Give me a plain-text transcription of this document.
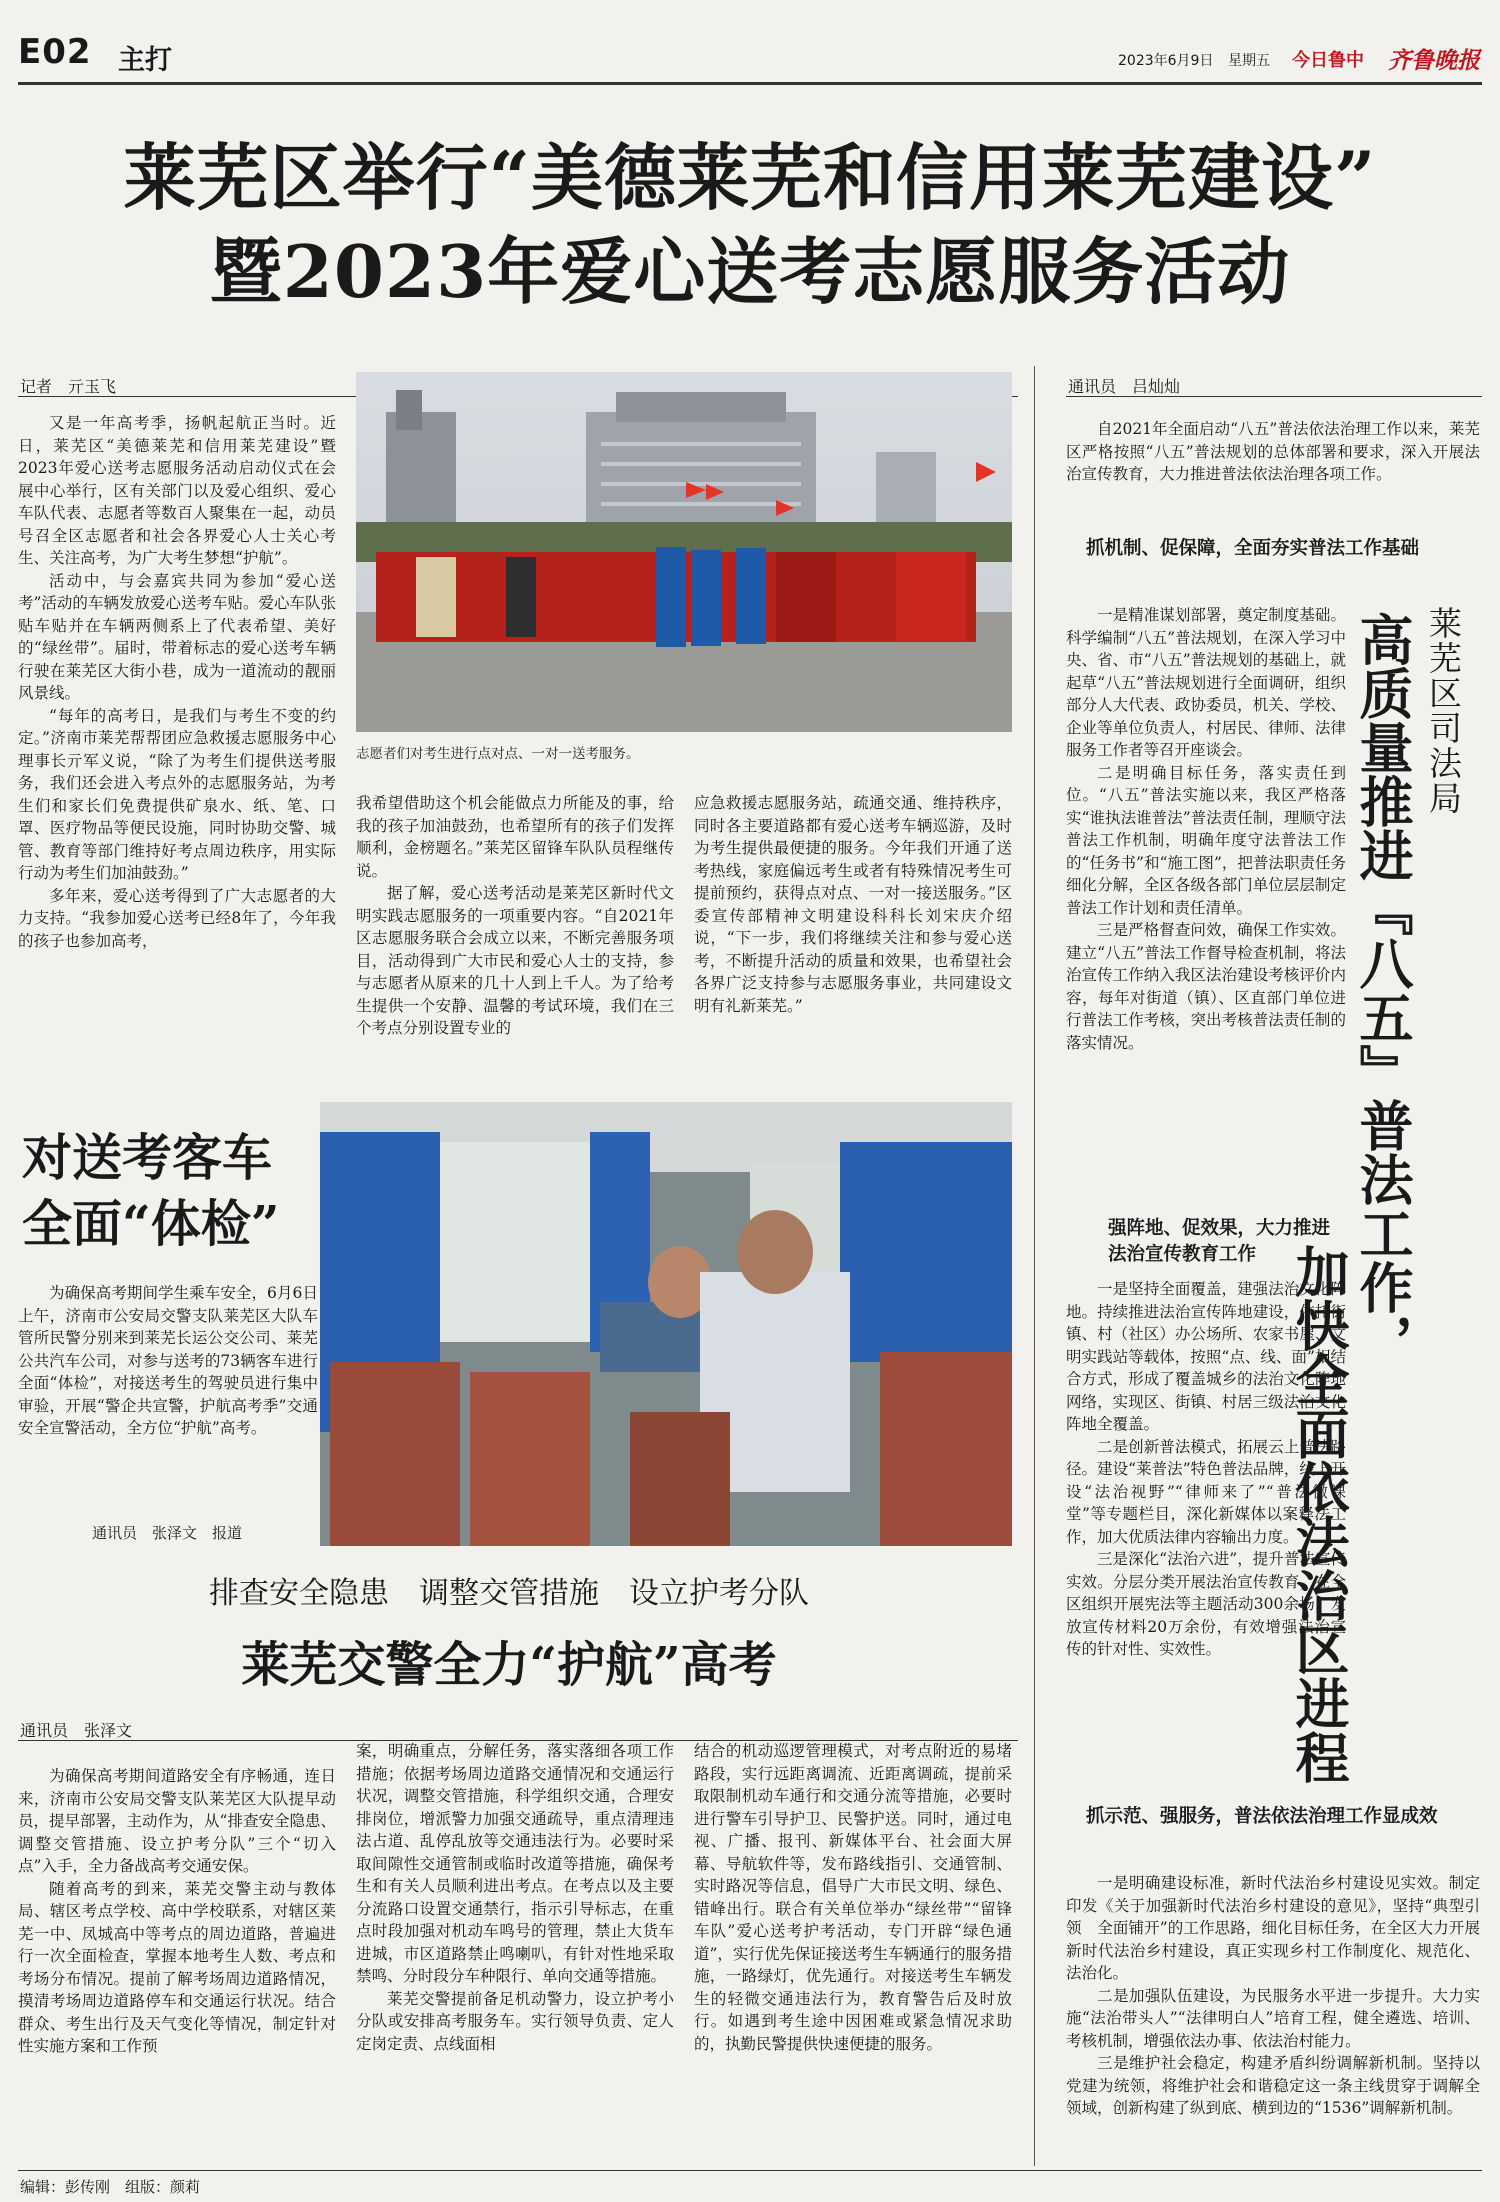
E02 主打	2023年6月9日 星期五 今日鲁中 齐鲁晚报
莱芜区举行“美德莱芜和信用莱芜建设”
暨2023年爱心送考志愿服务活动
记者　亓玉飞

又是一年高考季，扬帆起航正当时。近日，莱芜区“美德莱芜和信用莱芜建设”暨2023年爱心送考志愿服务活动启动仪式在会展中心举行，区有关部门以及爱心组织、爱心车队代表、志愿者等数百人聚集在一起，动员号召全区志愿者和社会各界爱心人士关心考生、关注高考，为广大考生梦想“护航”。

活动中，与会嘉宾共同为参加“爱心送考”活动的车辆发放爱心送考车贴。爱心车队张贴车贴并在车辆两侧系上了代表希望、美好的“绿丝带”。届时，带着标志的爱心送考车辆行驶在莱芜区大街小巷，成为一道流动的靓丽风景线。

“每年的高考日，是我们与考生不变的约定。”济南市莱芜帮帮团应急救援志愿服务中心理事长亓军义说，“除了为考生们提供送考服务，我们还会进入考点外的志愿服务站，为考生们和家长们免费提供矿泉水、纸、笔、口罩、医疗物品等便民设施，同时协助交警、城管、教育等部门维持好考点周边秩序，用实际行动为考生们加油鼓劲。”

多年来，爱心送考得到了广大志愿者的大力支持。“我参加爱心送考已经8年了，今年我的孩子也参加高考，

志愿者们对考生进行点对点、一对一送考服务。

我希望借助这个机会能做点力所能及的事，给我的孩子加油鼓劲，也希望所有的孩子们发挥顺利，金榜题名。”莱芜区留锋车队队员程继传说。

据了解，爱心送考活动是莱芜区新时代文明实践志愿服务的一项重要内容。“自2021年区志愿服务联合会成立以来，不断完善服务项目，活动得到广大市民和爱心人士的支持，参与志愿者从原来的几十人到上千人。为了给考生提供一个安静、温馨的考试环境，我们在三个考点分别设置专业的

应急救援志愿服务站，疏通交通、维持秩序，同时各主要道路都有爱心送考车辆巡游，及时为考生提供最便捷的服务。今年我们开通了送考热线，家庭偏远考生或者有特殊情况考生可提前预约，获得点对点、一对一接送服务。”区委宣传部精神文明建设科科长刘宋庆介绍说，“下一步，我们将继续关注和参与爱心送考，不断提升活动的质量和效果，也希望社会各界广泛支持参与志愿服务事业，共同建设文明有礼新莱芜。”

对送考客车
全面“体检”

为确保高考期间学生乘车安全，6月6日上午，济南市公安局交警支队莱芜区大队车管所民警分别来到莱芜长运公交公司、莱芜公共汽车公司，对参与送考的73辆客车进行全面“体检”，对接送考生的驾驶员进行集中审验，开展“警企共宣警，护航高考季”交通安全宣警活动，全方位“护航”高考。

通讯员　张泽文　报道
排查安全隐患　调整交管措施　设立护考分队
莱芜交警全力“护航”高考
通讯员　张泽文

为确保高考期间道路安全有序畅通，连日来，济南市公安局交警支队莱芜区大队提早动员，提早部署，主动作为，从“排查安全隐患、调整交管措施、设立护考分队”三个“切入点”入手，全力备战高考交通安保。

随着高考的到来，莱芜交警主动与教体局、辖区考点学校、高中学校联系，对辖区莱芜一中、凤城高中等考点的周边道路，普遍进行一次全面检查，掌握本地考生人数、考点和考场分布情况。提前了解考场周边道路情况，摸清考场周边道路停车和交通运行状况。结合群众、考生出行及天气变化等情况，制定针对性实施方案和工作预

案，明确重点，分解任务，落实落细各项工作措施；依据考场周边道路交通情况和交通运行状况，调整交管措施，科学组织交通，合理安排岗位，增派警力加强交通疏导，重点清理违法占道、乱停乱放等交通违法行为。必要时采取间隙性交通管制或临时改道等措施，确保考生和有关人员顺利进出考点。在考点以及主要分流路口设置交通禁行，指示引导标志，在重点时段加强对机动车鸣号的管理，禁止大货车进城，市区道路禁止鸣喇叭，有针对性地采取禁鸣、分时段分车种限行、单向交通等措施。

莱芜交警提前备足机动警力，设立护考小分队或安排高考服务车。实行领导负责、定人定岗定责、点线面相

结合的机动巡逻管理模式，对考点附近的易堵路段，实行远距离调流、近距离调疏，提前采取限制机动车通行和交通分流等措施，必要时进行警车引导护卫、民警护送。同时，通过电视、广播、报刊、新媒体平台、社会面大屏幕、导航软件等，发布路线指引、交通管制、实时路况等信息，倡导广大市民文明、绿色、错峰出行。联合有关单位举办“绿丝带”“留锋车队”爱心送考护考活动，专门开辟“绿色通道”，实行优先保证接送考生车辆通行的服务措施，一路绿灯，优先通行。对接送考生车辆发生的轻微交通违法行为，教育警告后及时放行。如遇到考生途中因困难或紧急情况求助的，执勤民警提供快速便捷的服务。

通讯员　吕灿灿

自2021年全面启动“八五”普法依法治理工作以来，莱芜区严格按照“八五”普法规划的总体部署和要求，深入开展法治宣传教育，大力推进普法依法治理各项工作。

抓机制、促保障，全面夯实普法工作基础

一是精准谋划部署，奠定制度基础。科学编制“八五”普法规划，在深入学习中央、省、市“八五”普法规划的基础上，就起草“八五”普法规划进行全面调研，组织部分人大代表、政协委员，机关、学校、企业等单位负责人，村居民、律师、法律服务工作者等召开座谈会。

二是明确目标任务，落实责任到位。“八五”普法实施以来，我区严格落实“谁执法谁普法”普法责任制，理顺守法普法工作机制，明确年度守法普法工作的“任务书”和“施工图”，把普法职责任务细化分解，全区各级各部门单位层层制定普法工作计划和责任清单。

三是严格督查问效，确保工作实效。建立“八五”普法工作督导检查机制，将法治宣传工作纳入我区法治建设考核评价内容，每年对街道（镇）、区直部门单位进行普法工作考核，突出考核普法责任制的落实情况。

莱芜区司法局
高质量推进『八五』普法工作，
加快全面依法治区进程
强阵地、促效果，大力推进法治宣传教育工作

一是坚持全面覆盖，建强法治文化阵地。持续推进法治宣传阵地建设，依托街镇、村（社区）办公场所、农家书屋、文明实践站等载体，按照“点、线、面”相结合方式，形成了覆盖城乡的法治文化阵地网络，实现区、街镇、村居三级法治文化阵地全覆盖。

二是创新普法模式，拓展云上普法路径。建设“莱普法”特色普法品牌，线上开设“法治视野”“律师来了”“普法微课堂”等专题栏目，深化新媒体以案释法工作，加大优质法律内容输出力度。

三是深化“法治六进”，提升普法宣传实效。分层分类开展法治宣传教育，在全区组织开展宪法等主题活动300余场，发放宣传材料20万余份，有效增强法治宣传的针对性、实效性。

抓示范、强服务，普法依法治理工作显成效

一是明确建设标准，新时代法治乡村建设见实效。制定印发《关于加强新时代法治乡村建设的意见》，坚持“典型引领　全面铺开”的工作思路，细化目标任务，在全区大力开展新时代法治乡村建设，真正实现乡村工作制度化、规范化、法治化。

二是加强队伍建设，为民服务水平进一步提升。大力实施“法治带头人”“法律明白人”培育工程，健全遴选、培训、考核机制，增强依法办事、依法治村能力。

三是维护社会稳定，构建矛盾纠纷调解新机制。坚持以党建为统领，将维护社会和谐稳定这一条主线贯穿于调解全领域，创新构建了纵到底、横到边的“1536”调解新机制。

编辑：彭传刚　组版：颜莉
